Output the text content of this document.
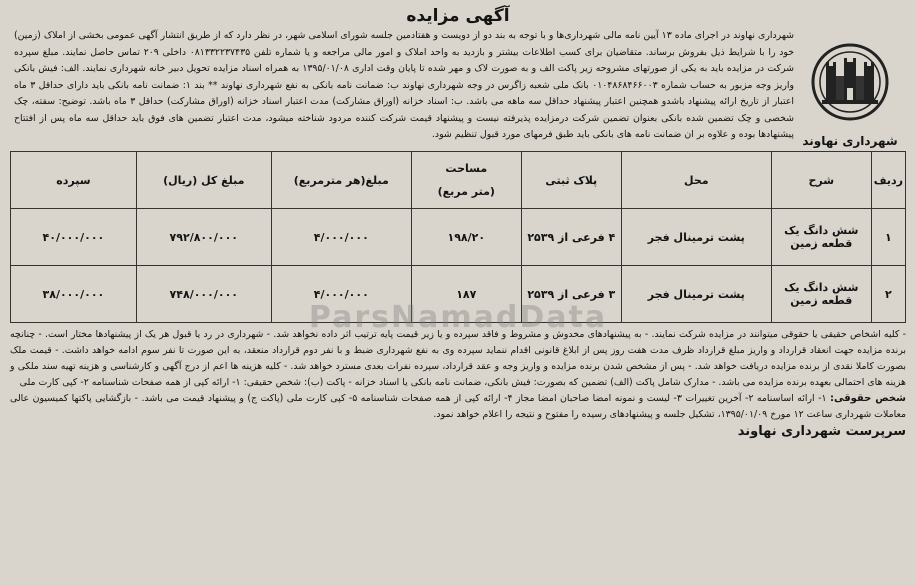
آگهی مزایده
شهرداری نهاوند
شهرداری نهاوند در اجرای ماده ۱۳ آیین نامه مالی شهرداری‌ها و با توجه به بند دو از دویست و هفتادمین جلسه شورای اسلامی شهر، در نظر دارد که از طریق انتشار آگهی عمومی بخشی از املاک (زمین) خود را با شرایط ذیل بفروش برساند. متقاضیان برای کسب اطلاعات بیشتر و بازدید به واحد املاک و امور مالی مراجعه و یا شماره تلفن ۰۸۱۳۳۲۲۳۷۴۳۵ داخلی ۲۰۹ تماس حاصل نمایند. مبلغ سپرده شرکت در مزایده باید به یکی از صورتهای مشروحه زیر پاکت الف و به صورت لاک و مهر شده تا پایان وقت اداری ۱۳۹۵/۰۱/۰۸ به همراه اسناد مزایده تحویل دبیر خانه شهرداری نمایند. الف: فیش بانکی واریز وجه مزبور به حساب شماره ۰۱۰۴۸۶۸۴۶۶۰۰۳ بانک ملی شعبه زاگرس در وجه شهرداری نهاوند ب: ضمانت نامه بانکی به نفع شهرداری نهاوند ** بند ۱: ضمانت نامه بانکی باید دارای حداقل ۳ ماه اعتبار از تاریخ ارائه پیشنهاد باشدو همچنین اعتبار پیشنهاد حداقل سه ماهه می باشد. ب: اسناد خزانه (اوراق مشارکت) مدت اعتبار اسناد خزانه (اوراق مشارکت) حداقل ۳ ماه باشد. توضیح: سفته، چک شخصی و چک تضمین شده بانکی بعنوان تضمین شرکت درمزایده پذیرفته نیست و پیشنهاد قیمت شرکت کننده مردود شناخته میشود، مدت اعتبار تضمین های فوق باید حداقل سه ماه پس از افتتاح پیشنهادها بوده و علاوه بر ان ضمانت نامه های بانکی باید طبق فرمهای مورد قبول تنظیم شود.
ردیف	شرح	محل	پلاک ثبتی	مساحت
(متر مربع)	مبلغ(هر مترمربع)	مبلغ کل (ریال)	سپرده
۱	شش دانگ یک قطعه زمین	پشت ترمینال فجر	۴ فرعی از ۲۵۳۹	۱۹۸/۲۰	۴/۰۰۰/۰۰۰	۷۹۲/۸۰۰/۰۰۰	۴۰/۰۰۰/۰۰۰
۲	شش دانگ یک قطعه زمین	پشت ترمینال فجر	۳ فرعی از ۲۵۳۹	۱۸۷	۴/۰۰۰/۰۰۰	۷۴۸/۰۰۰/۰۰۰	۳۸/۰۰۰/۰۰۰
- کلیه اشخاص حقیقی یا حقوقی میتوانند در مزایده شرکت نمایند. - به پیشنهادهای مخدوش و مشروط و فاقد سپرده و یا زیر قیمت پایه ترتیب اثر داده نخواهد شد. - شهرداری در رد یا قبول هر یک از پیشنهادها مختار است. - چنانچه برنده مزایده جهت انعقاد قرارداد و واریز مبلغ قرارداد ظرف مدت هفت روز پس از ابلاغ قانونی اقدام ننماید سپرده وی به نفع شهرداری ضبط و با نفر دوم قرارداد منعقد، به این صورت تا نفر سوم ادامه خواهد داشت. - قیمت ملک بصورت کاملا نقدی از برنده مزایده دریافت خواهد شد. - پس از مشخص شدن برنده مزایده و واریز وجه و عقد قرارداد، سپرده نفرات بعدی مسترد خواهد شد. - کلیه هزینه ها اعم از درج آگهی و کارشناسی و هزینه تهیه سند ملکی و هزینه های احتمالی بعهده برنده مزایده می باشد. - مدارک شامل پاکت (الف) تضمین که بصورت: فیش بانکی، ضمانت نامه بانکی یا اسناد خزانه - پاکت (ب): شخص حقیقی: ۱- ارائه کپی از همه صفحات شناسنامه ۲- کپی کارت ملی
شخص حقوقی: ۱- ارائه اساسنامه ۲- آخرین تغییرات ۳- لیست و نمونه امضا صاحبان امضا مجاز ۴- ارائه کپی از همه صفحات شناسنامه ۵- کپی کارت ملی (پاکت ج) و پیشنهاد قیمت می باشد. - بازگشایی پاکتها کمیسیون عالی معاملات شهرداری ساعت ۱۲ مورخ ۱۳۹۵/۰۱/۰۹، تشکیل جلسه و پیشنهادهای رسیده را مفتوح و نتیجه را اعلام خواهد نمود.
سرپرست شهرداری نهاوند
ParsNamadData
